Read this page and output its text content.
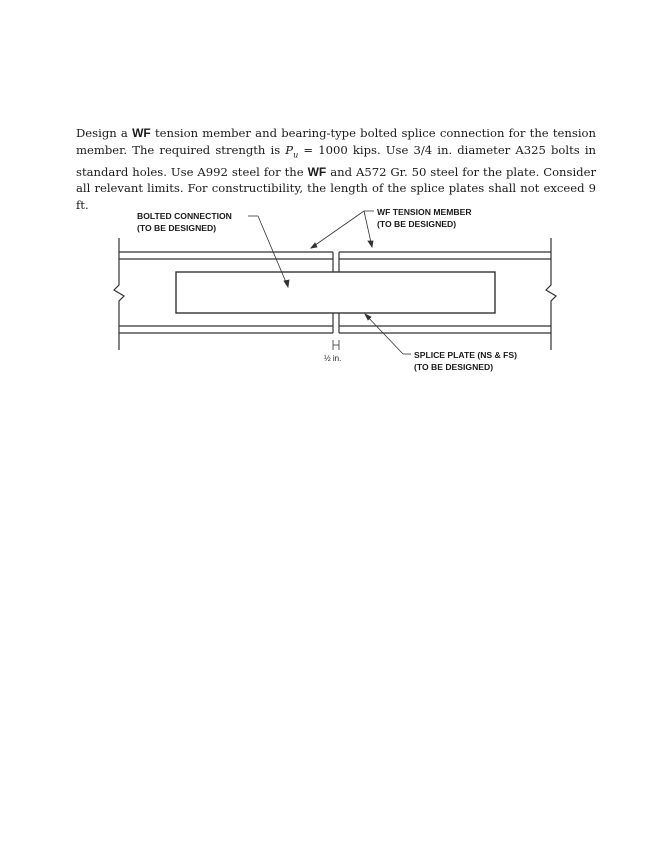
Design a WF tension member and bearing-type bolted splice connection for the tension member. The required strength is $P_u = 1000$ kips. Use 3/4 in. diameter A325 bolts in standard holes. Use A992 steel for the WF and A572 Gr. 50 steel for the plate. Consider all relevant limits. For constructibility, the length of the splice plates shall not exceed 9 ft.

BOLTED CONNECTION
(TO BE DESIGNED)
WF TENSION MEMBER
(TO BE DESIGNED)
½ in.	SPLICE PLATE (NS & FS)
(TO BE DESIGNED)
